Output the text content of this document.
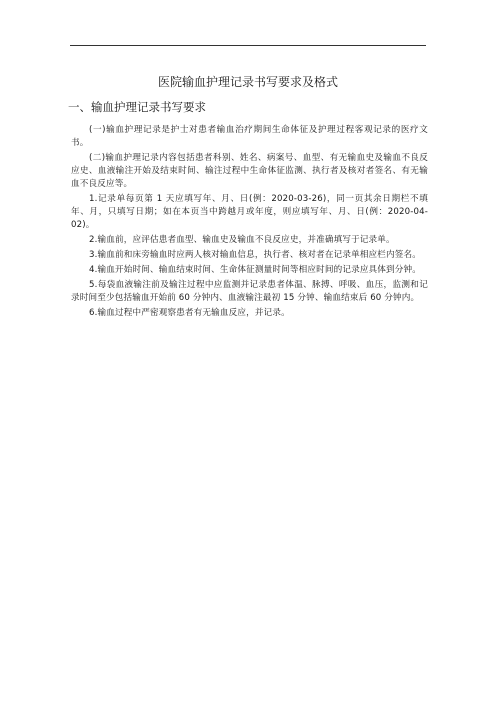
医院输血护理记录书写要求及格式
一、输血护理记录书写要求

(一)输血护理记录是护士对患者输血治疗期间生命体征及护理过程客观记录的医疗文书。

(二)输血护理记录内容包括患者科别、姓名、病案号、血型、有无输血史及输血不良反应史、血液输注开始及结束时间、输注过程中生命体征监测、执行者及核对者签名、有无输血不良反应等。

1.记录单每页第 1 天应填写年、月、日(例：2020-03-26)，同一页其余日期栏不填年、月，只填写日期；如在本页当中跨越月或年度，则应填写年、月、日(例：2020-04-02)。

2.输血前，应评估患者血型、输血史及输血不良反应史，并准确填写于记录单。

3.输血前和床旁输血时应两人核对输血信息，执行者、核对者在记录单相应栏内签名。

4.输血开始时间、输血结束时间、生命体征测量时间等相应时间的记录应具体到分钟。

5.每袋血液输注前及输注过程中应监测并记录患者体温、脉搏、呼吸、血压，监测和记录时间至少包括输血开始前 60 分钟内、血液输注最初 15 分钟、输血结束后 60 分钟内。

6.输血过程中严密观察患者有无输血反应，并记录。
